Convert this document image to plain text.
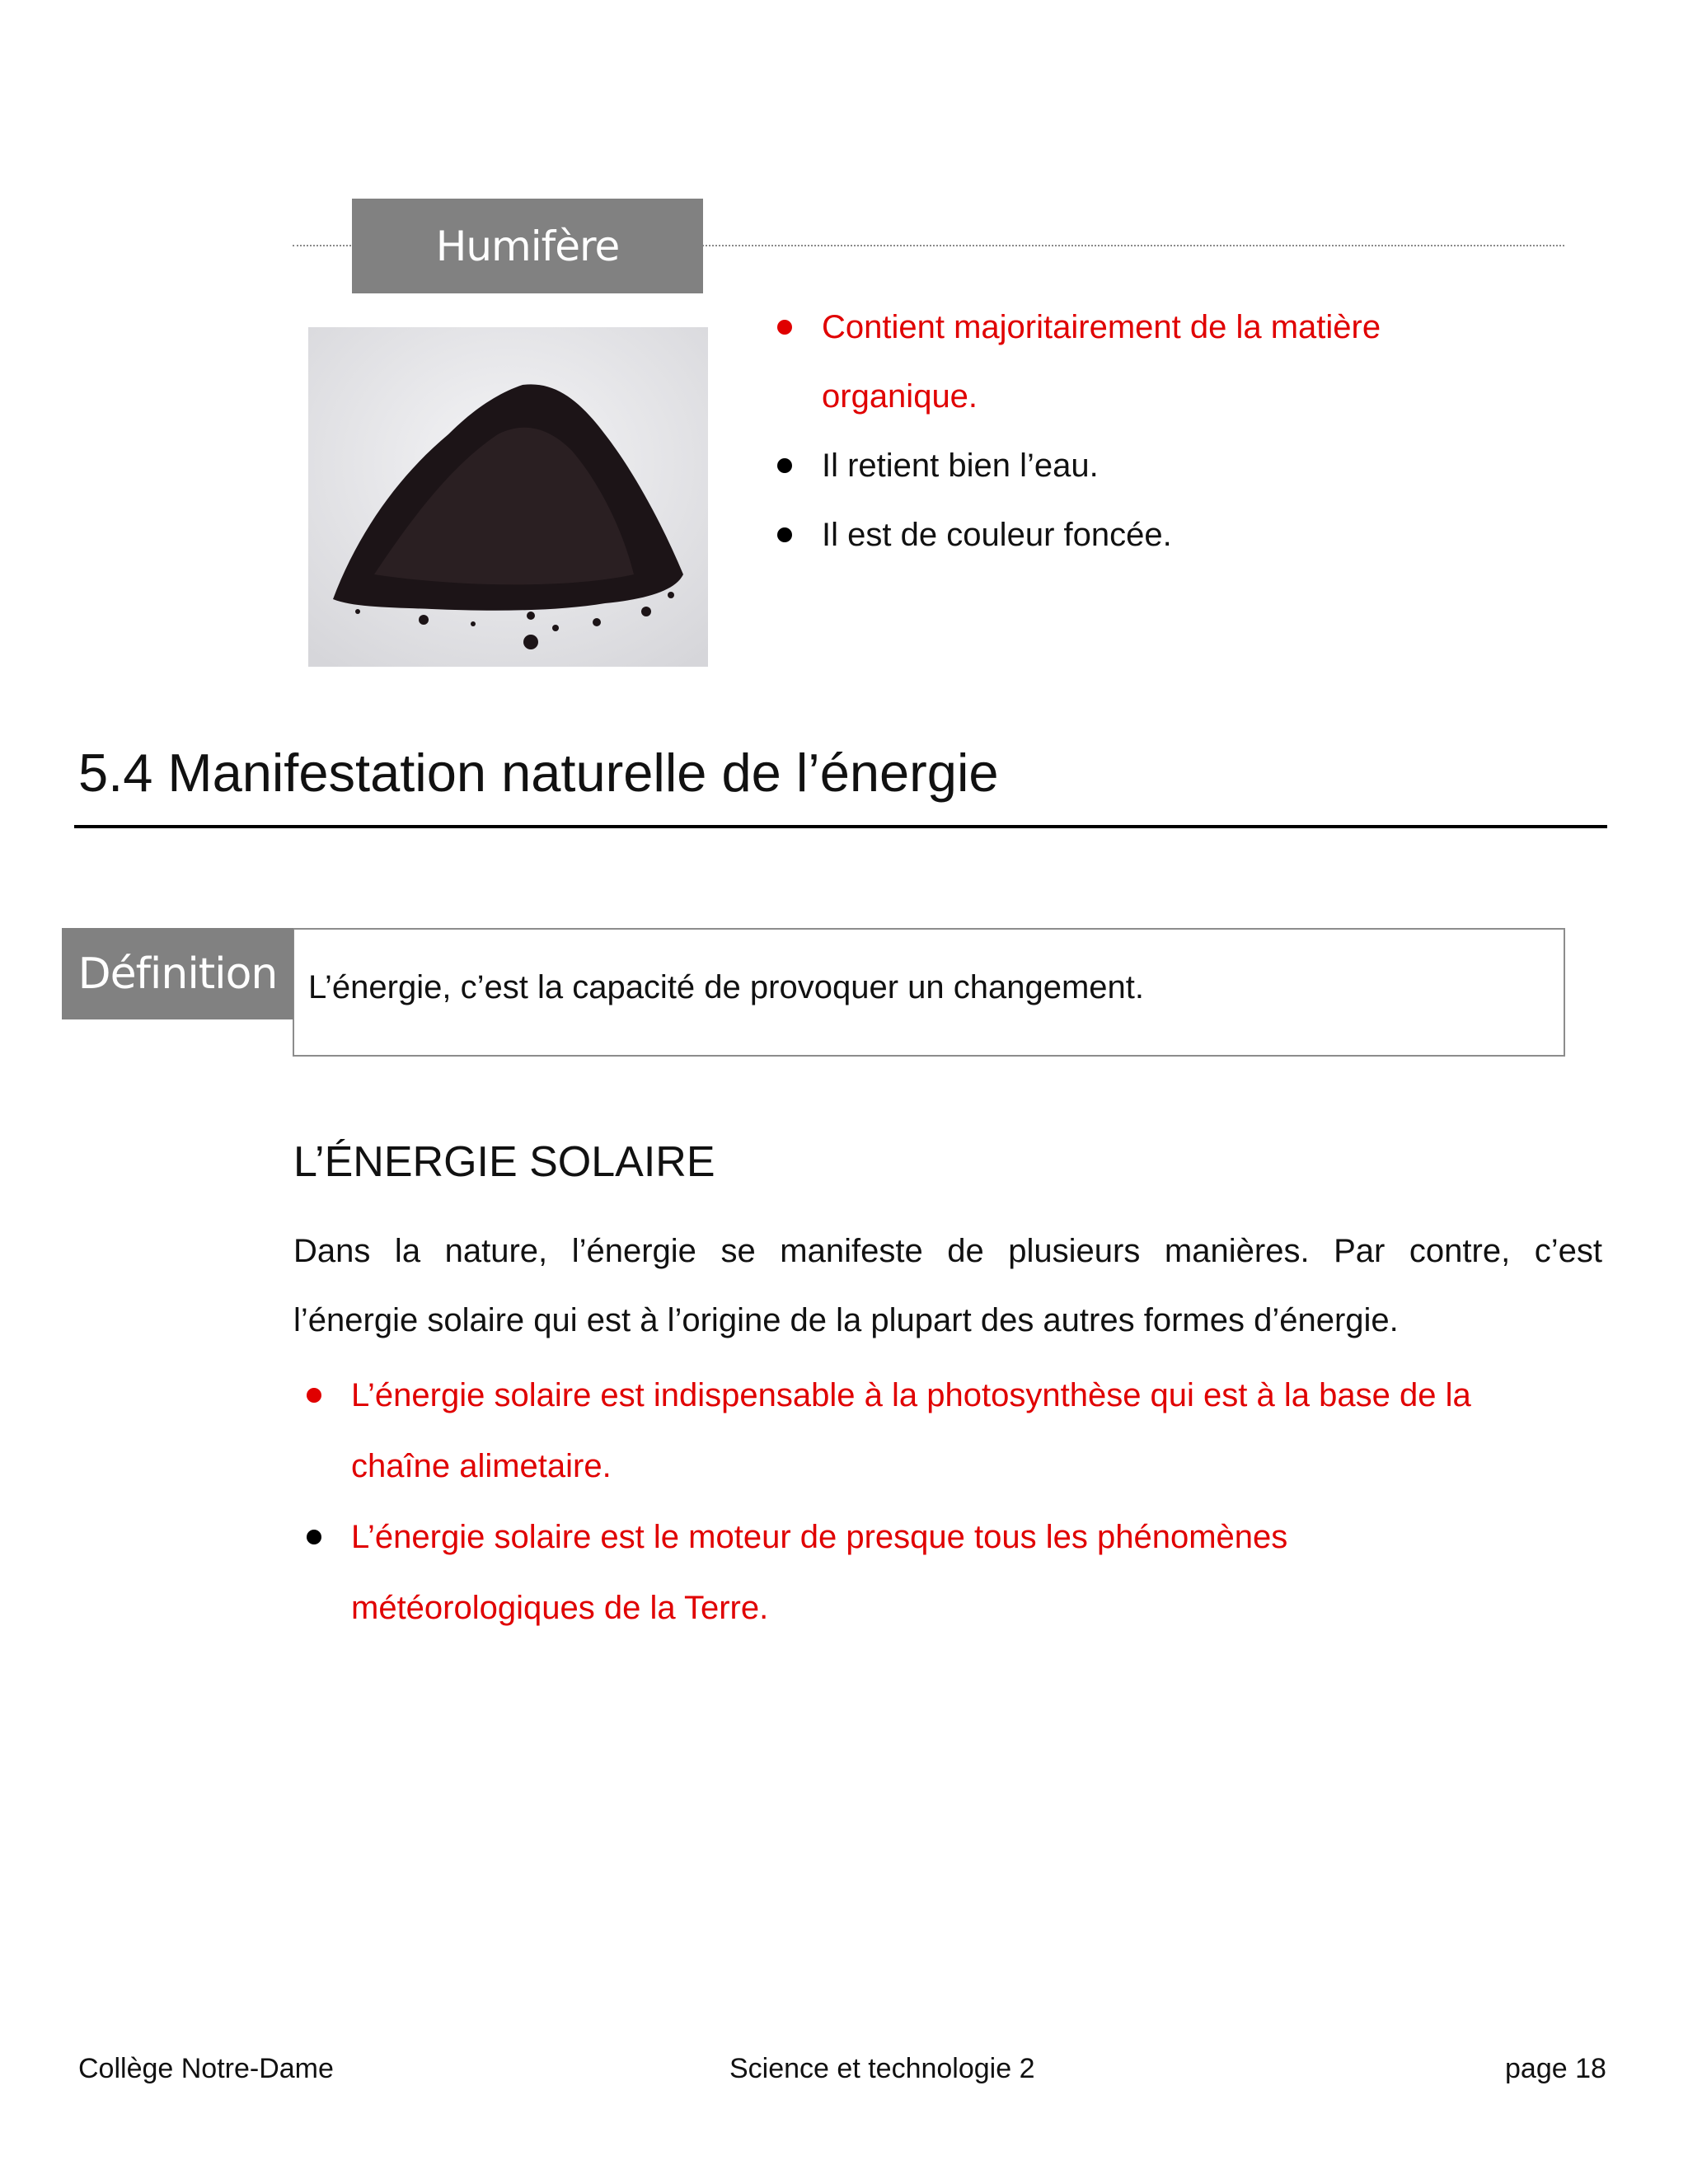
Humifère
Contient majoritairement de la matière
organique.
Il retient bien l’eau.
Il est de couleur foncée.
5.4 Manifestation naturelle de l’énergie
Définition L’énergie, c’est la capacité de provoquer un changement.
L’ÉNERGIE SOLAIRE
Dans la nature, l’énergie se manifeste de plusieurs manières. Par contre, c’est
l’énergie solaire qui est à l’origine de la plupart des autres formes d’énergie.
L’énergie solaire est indispensable à la photosynthèse qui est à la base de la
chaîne alimetaire.
L’énergie solaire est le moteur de presque tous les phénomènes
météorologiques de la Terre.
Collège Notre-Dame	Science et technologie 2	page 18
